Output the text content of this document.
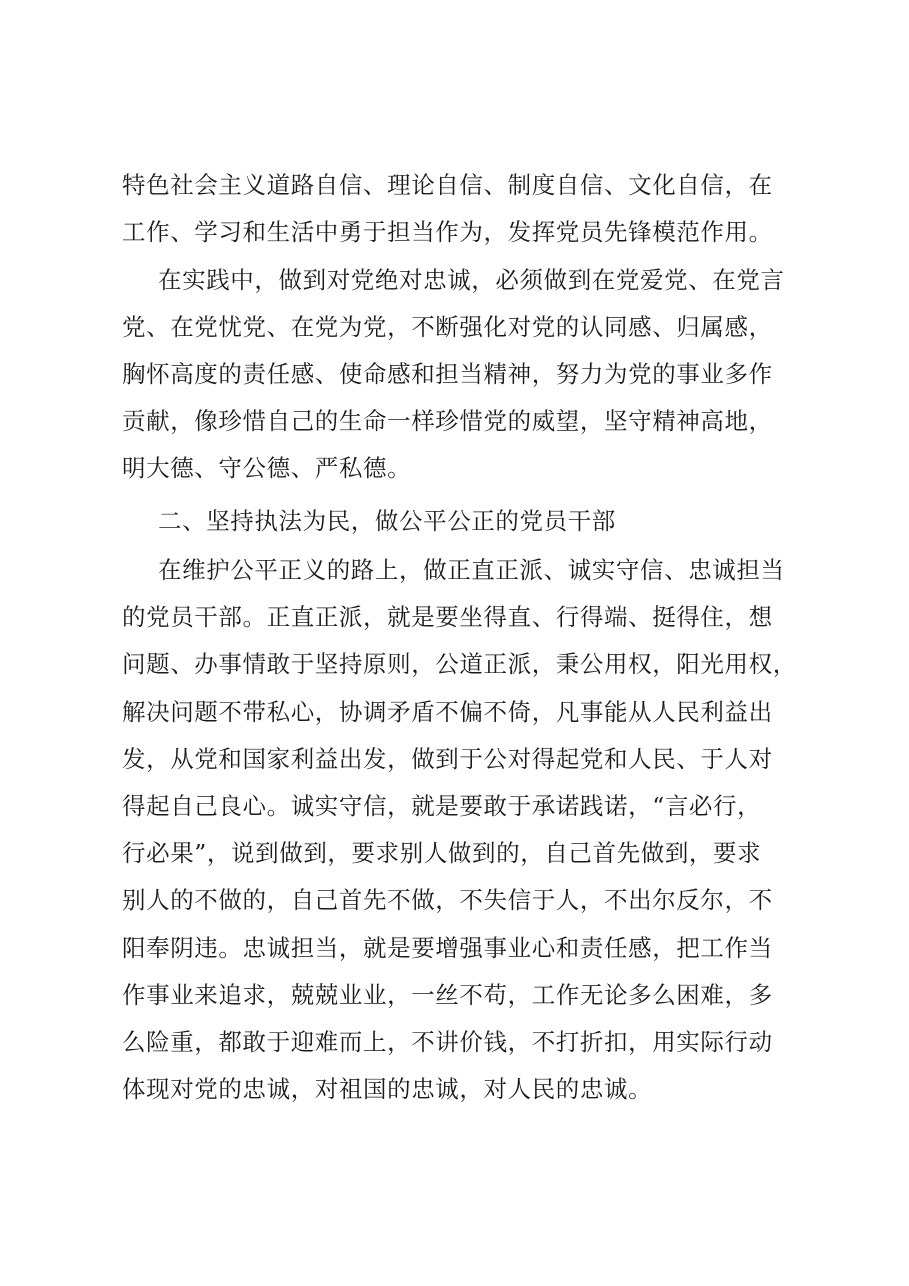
特色社会主义道路自信、理论自信、制度自信、文化自信，在
工作、学习和生活中勇于担当作为，发挥党员先锋模范作用。
在实践中，做到对党绝对忠诚，必须做到在党爱党、在党言
党、在党忧党、在党为党，不断强化对党的认同感、归属感，
胸怀高度的责任感、使命感和担当精神，努力为党的事业多作
贡献，像珍惜自己的生命一样珍惜党的威望，坚守精神高地，
明大德、守公德、严私德。
二、坚持执法为民，做公平公正的党员干部
在维护公平正义的路上，做正直正派、诚实守信、忠诚担当
的党员干部。正直正派，就是要坐得直、行得端、挺得住，想
问题、办事情敢于坚持原则，公道正派，秉公用权，阳光用权，
解决问题不带私心，协调矛盾不偏不倚，凡事能从人民利益出
发，从党和国家利益出发，做到于公对得起党和人民、于人对
得起自己良心。诚实守信，就是要敢于承诺践诺，“言必行，
行必果”，说到做到，要求别人做到的，自己首先做到，要求
别人的不做的，自己首先不做，不失信于人，不出尔反尔，不
阳奉阴违。忠诚担当，就是要增强事业心和责任感，把工作当
作事业来追求，兢兢业业，一丝不苟，工作无论多么困难，多
么险重，都敢于迎难而上，不讲价钱，不打折扣，用实际行动
体现对党的忠诚，对祖国的忠诚，对人民的忠诚。
